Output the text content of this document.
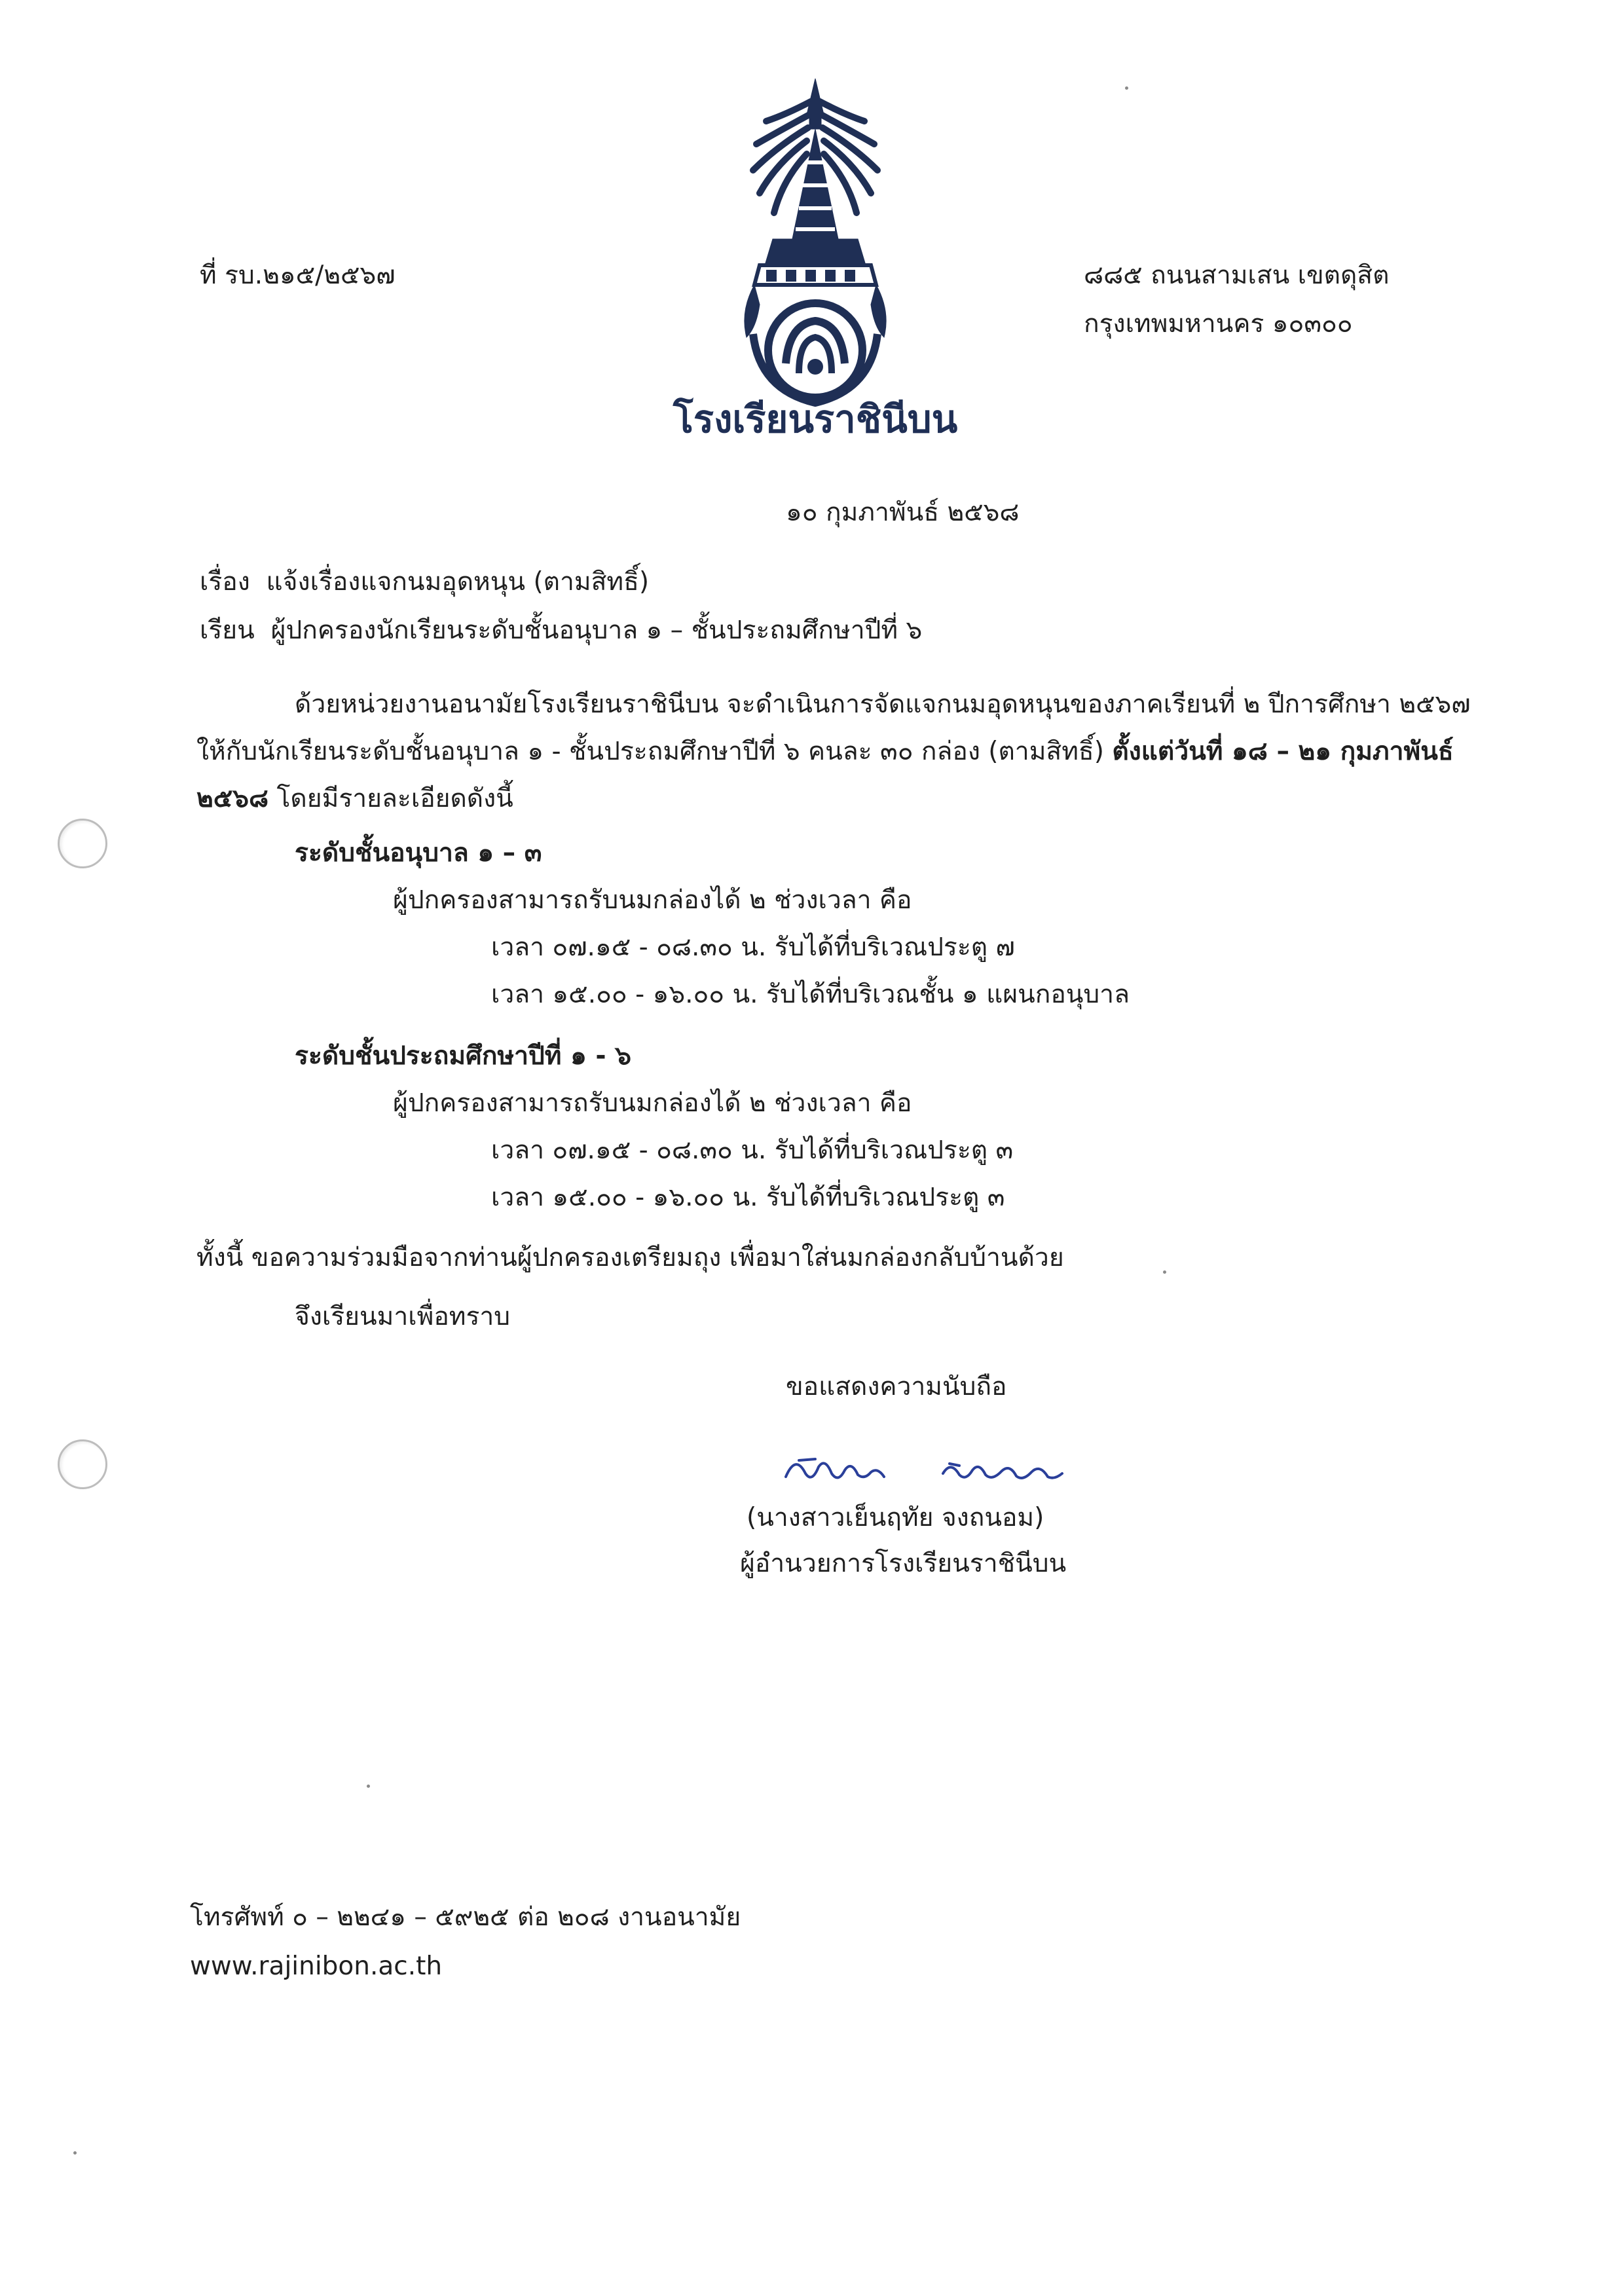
ที่ รบ.๒๑๕/๒๕๖๗	๘๘๕ ถนนสามเสน เขตดุสิต
กรุงเทพมหานคร ๑๐๓๐๐
โรงเรียนราชินีบน
๑๐ กุมภาพันธ์ ๒๕๖๘
เรื่อง แจ้งเรื่องแจกนมอุดหนุน (ตามสิทธิ์)
เรียน ผู้ปกครองนักเรียนระดับชั้นอนุบาล ๑ – ชั้นประถมศึกษาปีที่ ๖
ด้วยหน่วยงานอนามัยโรงเรียนราชินีบน จะดำเนินการจัดแจกนมอุดหนุนของภาคเรียนที่ ๒ ปีการศึกษา ๒๕๖๗ ให้กับนักเรียนระดับชั้นอนุบาล ๑ - ชั้นประถมศึกษาปีที่ ๖ คนละ ๓๐ กล่อง (ตามสิทธิ์) ตั้งแต่วันที่ ๑๘ – ๒๑ กุมภาพันธ์ ๒๕๖๘ โดยมีรายละเอียดดังนี้
ระดับชั้นอนุบาล ๑ – ๓
ผู้ปกครองสามารถรับนมกล่องได้ ๒ ช่วงเวลา คือ
เวลา ๐๗.๑๕ - ๐๘.๓๐ น. รับได้ที่บริเวณประตู ๗
เวลา ๑๕.๐๐ - ๑๖.๐๐ น. รับได้ที่บริเวณชั้น ๑ แผนกอนุบาล
ระดับชั้นประถมศึกษาปีที่ ๑ - ๖
ผู้ปกครองสามารถรับนมกล่องได้ ๒ ช่วงเวลา คือ
เวลา ๐๗.๑๕ - ๐๘.๓๐ น. รับได้ที่บริเวณประตู ๓
เวลา ๑๕.๐๐ - ๑๖.๐๐ น. รับได้ที่บริเวณประตู ๓
ทั้งนี้ ขอความร่วมมือจากท่านผู้ปกครองเตรียมถุง เพื่อมาใส่นมกล่องกลับบ้านด้วย
จึงเรียนมาเพื่อทราบ
ขอแสดงความนับถือ
(นางสาวเย็นฤทัย จงถนอม)
ผู้อำนวยการโรงเรียนราชินีบน
โทรศัพท์ ๐ – ๒๒๔๑ – ๕๙๒๕ ต่อ ๒๐๘ งานอนามัย
www.rajinibon.ac.th
